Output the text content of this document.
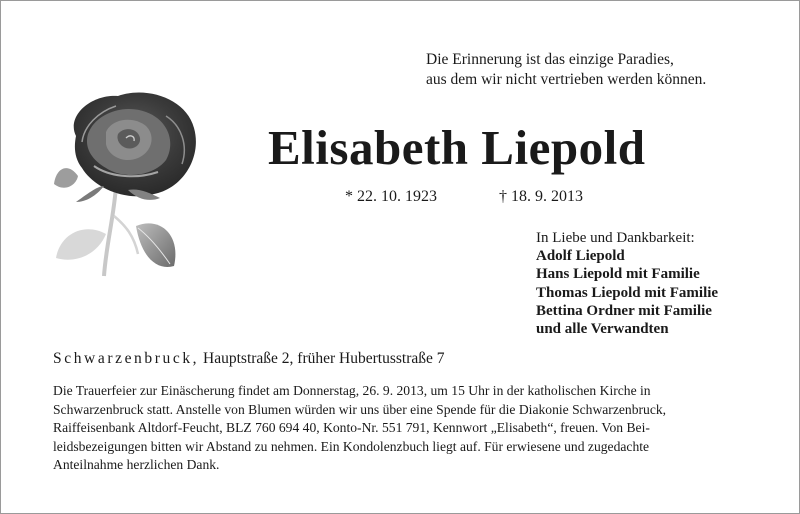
Die Erinnerung ist das einzige Paradies,
aus dem wir nicht vertrieben werden können.
Elisabeth Liepold
* 22. 10. 1923	† 18. 9. 2013
In Liebe und Dankbarkeit:
Adolf Liepold
Hans Liepold mit Familie
Thomas Liepold mit Familie
Bettina Ordner mit Familie
und alle Verwandten
Schwarzenbruck, Hauptstraße 2, früher Hubertusstraße 7
Die Trauerfeier zur Einäscherung findet am Donnerstag, 26. 9. 2013, um 15 Uhr in der katholischen Kirche in
Schwarzenbruck statt. Anstelle von Blumen würden wir uns über eine Spende für die Diakonie Schwarzenbruck,
Raiffeisenbank Altdorf-Feucht, BLZ 760 694 40, Konto-Nr. 551 791, Kennwort „Elisabeth“, freuen. Von Bei-
leidsbezeigungen bitten wir Abstand zu nehmen. Ein Kondolenzbuch liegt auf. Für erwiesene und zugedachte
Anteilnahme herzlichen Dank.
